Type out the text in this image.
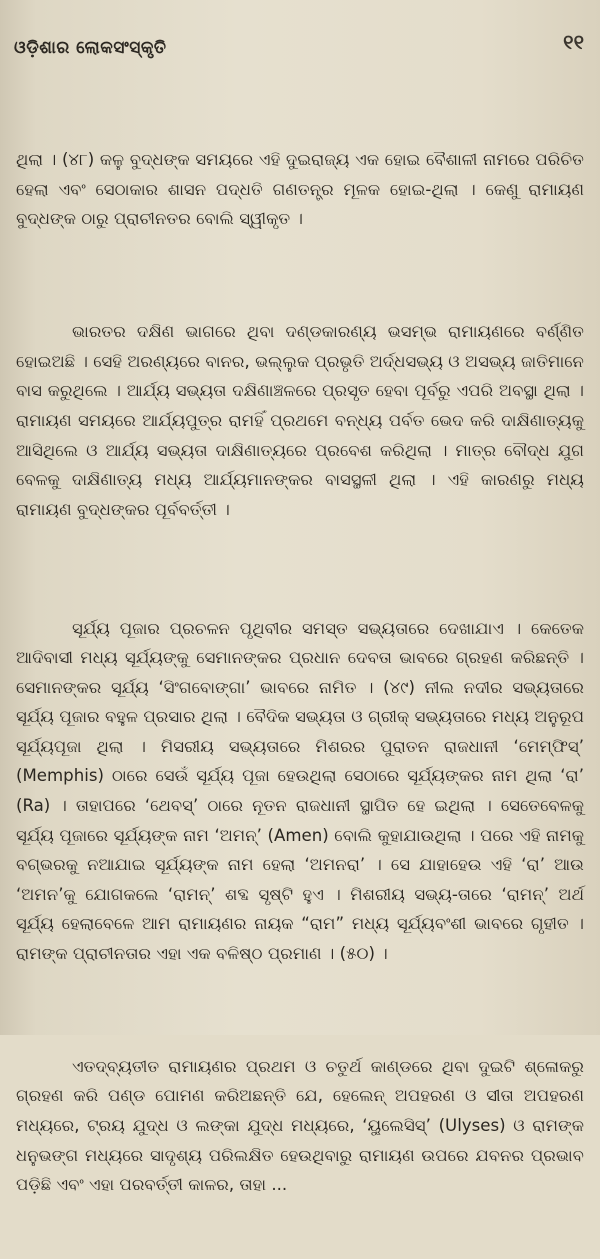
ଓଡ଼ିଶାର ଲୋକସଂସ୍କୃତି	୧୧

ଥିଲା । (୪୮) କଳୁ ବୁଦ୍ଧଙ୍କ ସମୟରେ ଏହି ଦୁଇରାଜ୍ୟ ଏକ ହୋଇ ବୈଶାଳୀ ନାମରେ ପରିଚିତ ହେଲା ଏବଂ ସେଠାକାର ଶାସନ ପଦ୍ଧତି ଗଣତନ୍ତ୍ର ମୂଳକ ହୋଇ-ଥିଲା । କେଣୁ ରାମାୟଣ ବୁଦ୍ଧଙ୍କ ଠାରୁ ପ୍ରାଚୀନତର ବୋଲି ସ୍ୱୀକୃତ ।

ଭାରତର ଦକ୍ଷିଣ ଭାଗରେ ଥିବା ଦଣ୍ଡକାରଣ୍ୟ ଭସମ୍ଭ ରାମାୟଣରେ ବର୍ଣ୍ଣିତ ହୋଇଅଛି । ସେହି ଅରଣ୍ୟରେ ବାନର, ଭଲ୍ଲୁକ ପ୍ରଭୃତି ଅର୍ଦ୍ଧସଭ୍ୟ ଓ ଅସଭ୍ୟ ଜାତିମାନେ ବାସ କରୁଥିଲେ । ଆର୍ଯ୍ୟ ସଭ୍ୟତା ଦକ୍ଷିଣାଞ୍ଚଳରେ ପ୍ରସୃତ ହେବା ପୂର୍ବରୁ ଏପରି ଅବସ୍ଥା ଥିଲା । ରାମାୟଣ ସମୟରେ ଆର୍ଯ୍ୟପୁତ୍ର ରାମହିଁ ପ୍ରଥମେ ବନ୍ଧ୍ୟ ପର୍ବତ ଭେଦ କରି ଦାକ୍ଷିଣାତ୍ୟକୁ ଆସିଥିଲେ ଓ ଆର୍ଯ୍ୟ ସଭ୍ୟତା ଦାକ୍ଷିଣାତ୍ୟରେ ପ୍ରବେଶ କରିଥିଲା । ମାତ୍ର ବୌଦ୍ଧ ଯୁଗ ବେଳକୁ ଦାକ୍ଷିଣାତ୍ୟ ମଧ୍ୟ ଆର୍ଯ୍ୟମାନଙ୍କର ବାସସ୍ଥଳୀ ଥିଲା । ଏହି କାରଣରୁ ମଧ୍ୟ ରାମାୟଣ ବୁଦ୍ଧଙ୍କର ପୂର୍ବବର୍ତ୍ତୀ ।

ସୂର୍ଯ୍ୟ ପୂଜାର ପ୍ରଚଳନ ପୃଥିବୀର ସମସ୍ତ ସଭ୍ୟତାରେ ଦେଖାଯାଏ । କେତେକ ଆଦିବାସୀ ମଧ୍ୟ ସୂର୍ଯ୍ୟଙ୍କୁ ସେମାନଙ୍କର ପ୍ରଧାନ ଦେବତା ଭାବରେ ଗ୍ରହଣ କରିଛନ୍ତି । ସେମାନଙ୍କର ସୂର୍ଯ୍ୟ ‘ସିଂଗବୋଙ୍ଗା’ ଭାବରେ ନାମିତ । (୪୯) ନୀଲ ନଦୀର ସଭ୍ୟତାରେ ସୂର୍ଯ୍ୟ ପୂଜାର ବହୁଳ ପ୍ରସାର ଥିଲା । ବୈଦିକ ସଭ୍ୟତା ଓ ଗ୍ରୀକ୍ ସଭ୍ୟତାରେ ମଧ୍ୟ ଅନୁରୂପ ସୂର୍ଯ୍ୟପୂଜା ଥିଲା । ମିସରୀୟ ସଭ୍ୟତାରେ ମିଶରର ପୁରାତନ ରାଜଧାନୀ ‘ମେମ୍ଫିସ୍’ (Memphis) ଠାରେ ସେଉଁ ସୂର୍ଯ୍ୟ ପୂଜା ହେଉଥିଲା ସେଠାରେ ସୂର୍ଯ୍ୟଙ୍କର ନାମ ଥିଲା ‘ରା’ (Ra) । ତାହାପରେ ‘ଥେବସ୍’ ଠାରେ ନୂତନ ରାଜଧାନୀ ସ୍ଥାପିତ ହେ ଇଥିଲା । ସେତେବେଳକୁ ସୂର୍ଯ୍ୟ ପୂଜାରେ ସୂର୍ଯ୍ୟଙ୍କ ନାମ ‘ଅମନ୍’ (Amen) ବୋଲି କୁହାଯାଉଥିଲା । ପରେ ଏହି ନାମକୁ ବଗ୍ଭରକୁ ନଆଯାଇ ସୂର୍ଯ୍ୟଙ୍କ ନାମ ହେଲା ‘ଅମନରା’ । ସେ ଯାହାହେଉ ଏହି ‘ରା’ ଆଉ ‘ଅମନ’କୁ ଯୋଗକଲେ ‘ରାମନ୍’ ଶବ୍ଦ ସୃଷ୍ଟି ହୁଏ । ମିଶରୀୟ ସଭ୍ୟ-ତାରେ ‘ରାମନ୍’ ଅର୍ଥ ସୂର୍ଯ୍ୟ ହେଲାବେଳେ ଆମ ରାମାୟଣର ନାୟକ “ରାମ” ମଧ୍ୟ ସୂର୍ଯ୍ୟବଂଶୀ ଭାବରେ ଗୃହୀତ । ରାମଙ୍କ ପ୍ରାଚୀନତାର ଏହା ଏକ ବଳିଷ୍ଠ ପ୍ରମାଣ । (୫୦) ।

ଏତଦ୍ବ୍ୟତୀତ ରାମାୟଣର ପ୍ରଥମ ଓ ଚତୁର୍ଥ କାଣ୍ଡରେ ଥିବା ଦୁଇଟି ଶ୍ଳୋକରୁ ଗ୍ରହଣ କରି ପଣ୍ଡ ପୋମଣ କରିଅଛନ୍ତି ଯେ, ହେଲେନ୍ ଅପହରଣ ଓ ସୀତା ଅପହରଣ ମଧ୍ୟରେ, ଟ୍ରୟ ଯୁଦ୍ଧ ଓ ଲଙ୍କା ଯୁଦ୍ଧ ମଧ୍ୟରେ, ‘ୟୁଲେସିସ୍’ (Ulyses) ଓ ରାମଙ୍କ ଧନୁଭଙ୍ଗ ମଧ୍ୟରେ ସାଦୃଶ୍ୟ ପରିଲକ୍ଷିତ ହେଉଥିବାରୁ ରାମାୟଣ ଉପରେ ଯବନର ପ୍ରଭାବ ପଡ଼ିଛି ଏବଂ ଏହା ପରବର୍ତ୍ତୀ କାଳର, ତାହା ...
